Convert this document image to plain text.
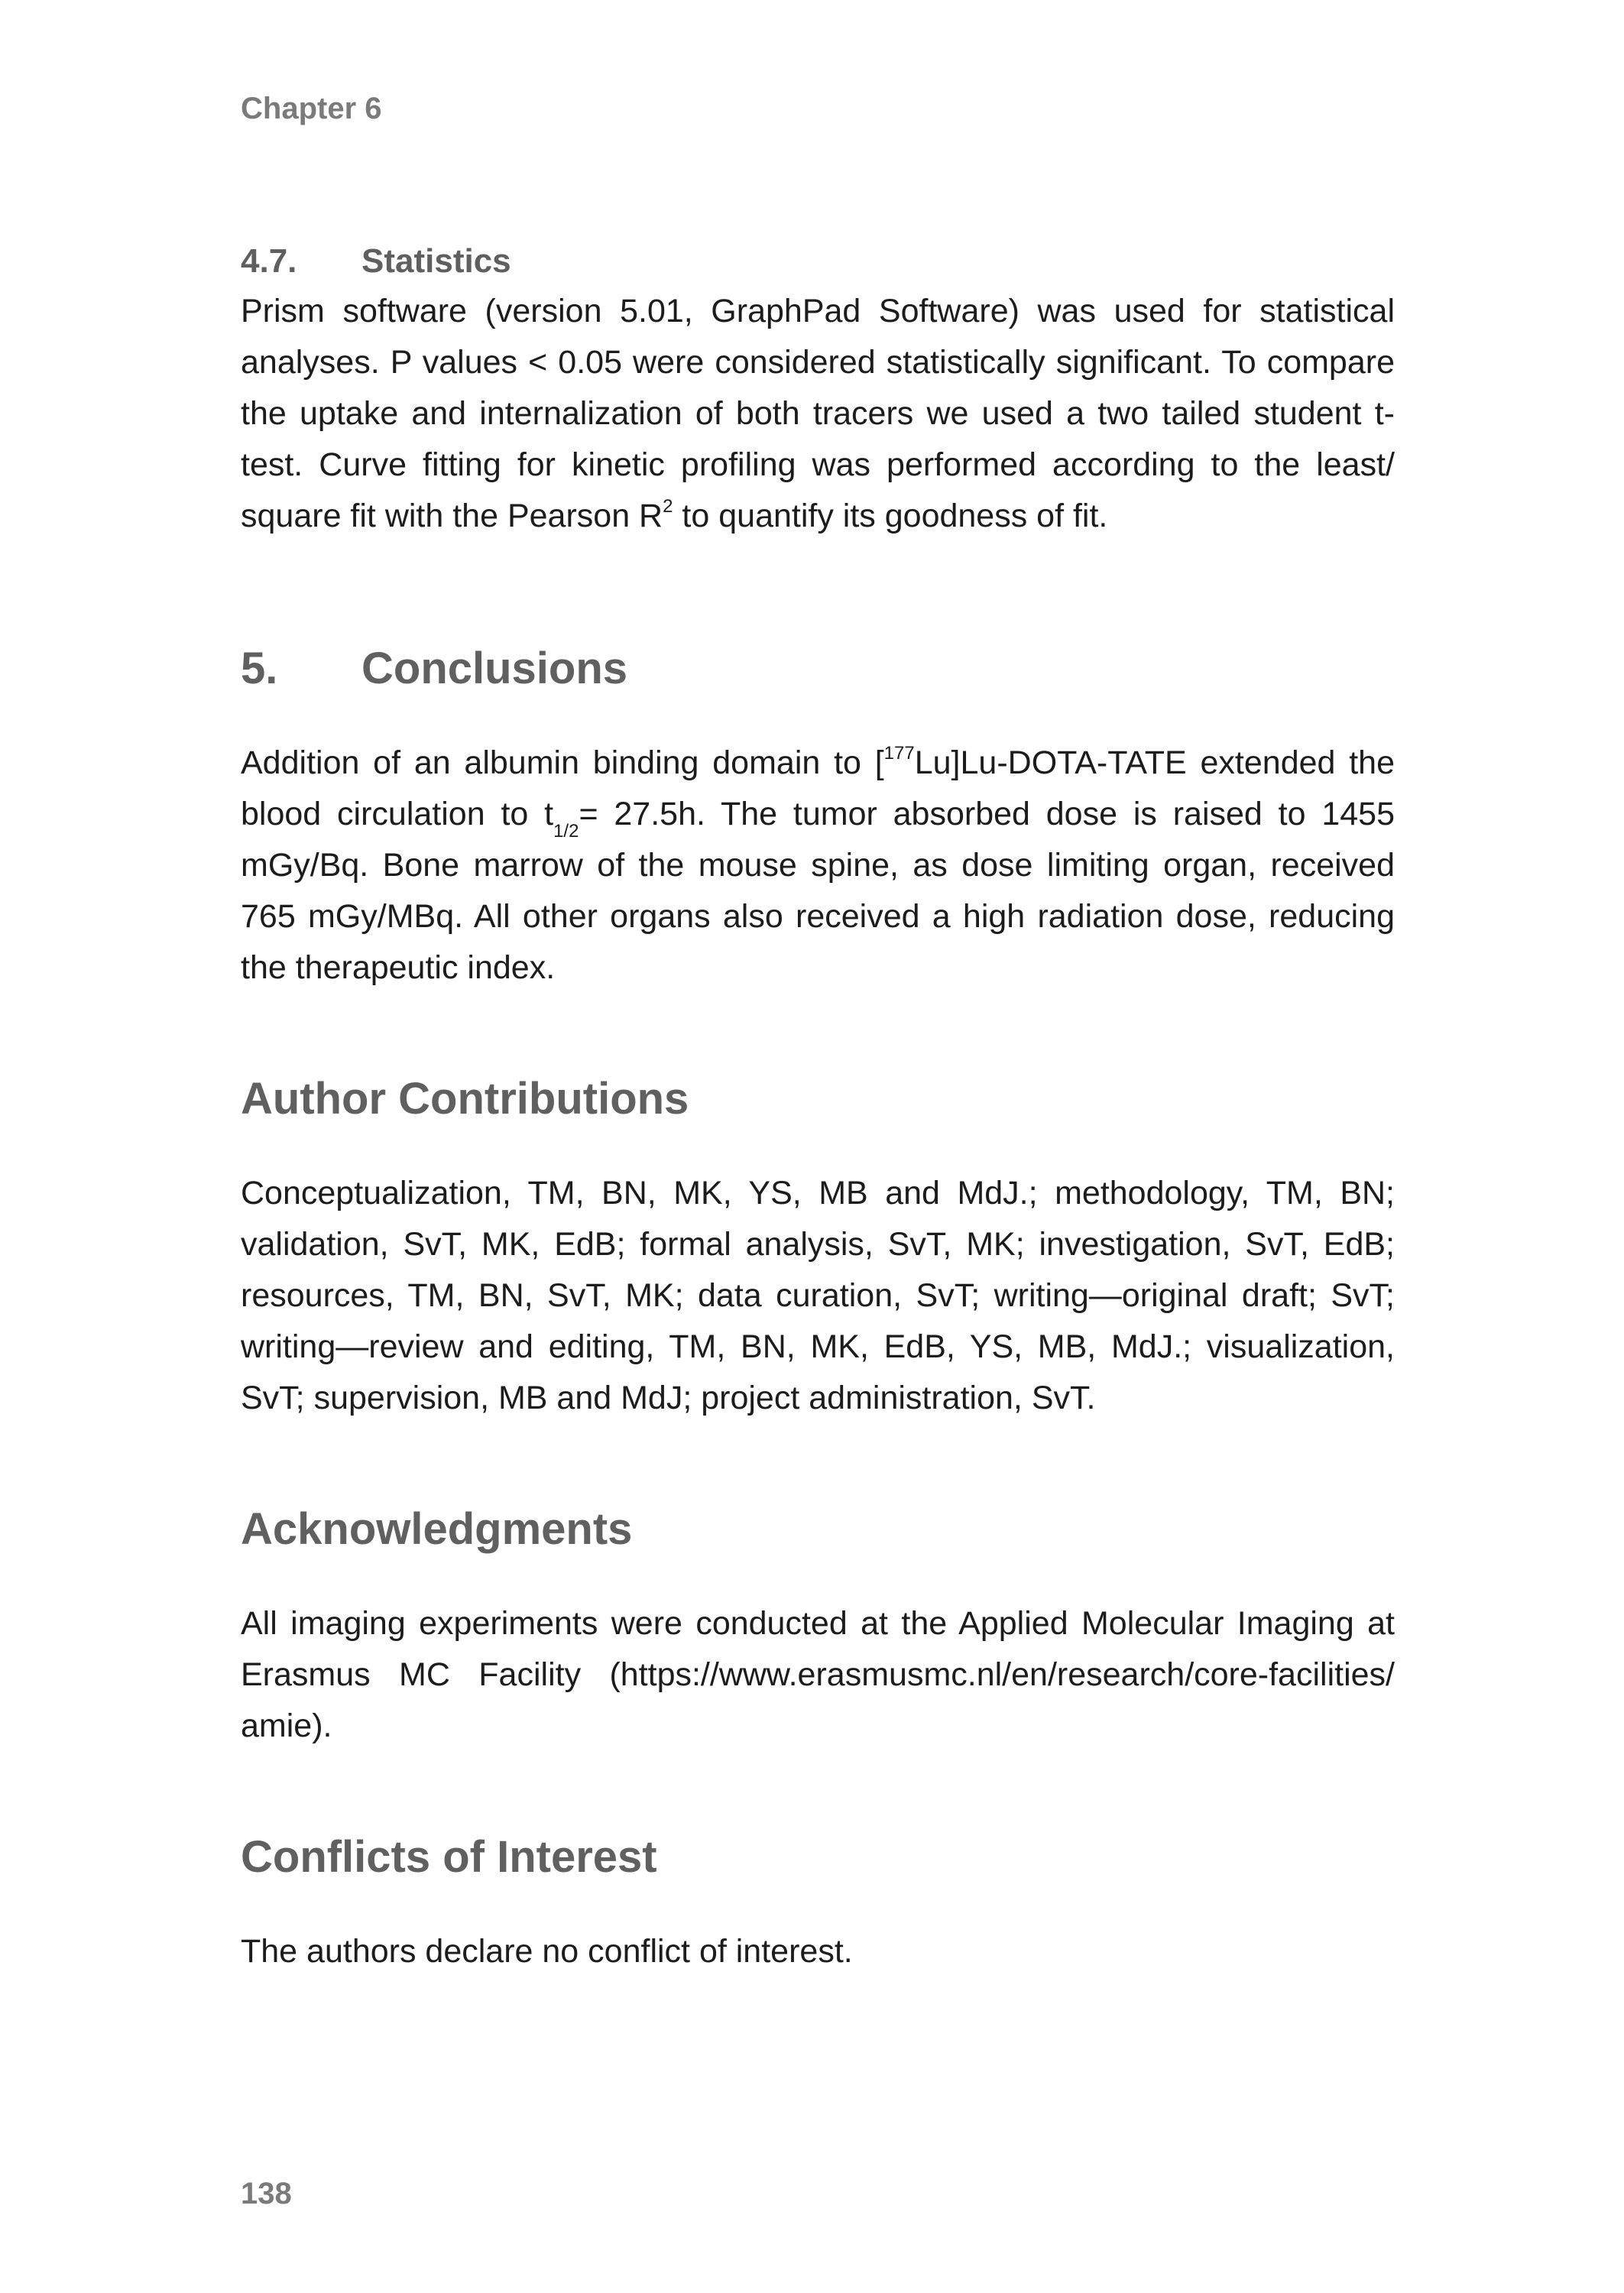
Chapter 6
4.7. Statistics

Prism software (version 5.01, GraphPad Software) was used for statistical analyses. P values < 0.05 were considered statistically significant. To compare the uptake and internalization of both tracers we used a two tailed student t-test. Curve fitting for kinetic profiling was performed according to the least/ square fit with the Pearson $R^2$ to quantify its goodness of fit.

5. Conclusions

Addition of an albumin binding domain to [$^{177}$Lu]Lu-DOTA-TATE extended the blood circulation to $t_{1/2}= 27.5h$. The tumor absorbed dose is raised to 1455 mGy/Bq. Bone marrow of the mouse spine, as dose limiting organ, received 765 mGy/MBq. All other organs also received a high radiation dose, reducing the therapeutic index.

Author Contributions

Conceptualization, TM, BN, MK, YS, MB and MdJ.; methodology, TM, BN; validation, SvT, MK, EdB; formal analysis, SvT, MK; investigation, SvT, EdB; resources, TM, BN, SvT, MK; data curation, SvT; writing—original draft; SvT; writing—review and editing, TM, BN, MK, EdB, YS, MB, MdJ.; visualization, SvT; supervision, MB and MdJ; project administration, SvT.

Acknowledgments

All imaging experiments were conducted at the Applied Molecular Imaging at Erasmus MC Facility (https://www.erasmusmc.nl/en/research/core-facilities/ amie).

Conflicts of Interest

The authors declare no conflict of interest.

138
